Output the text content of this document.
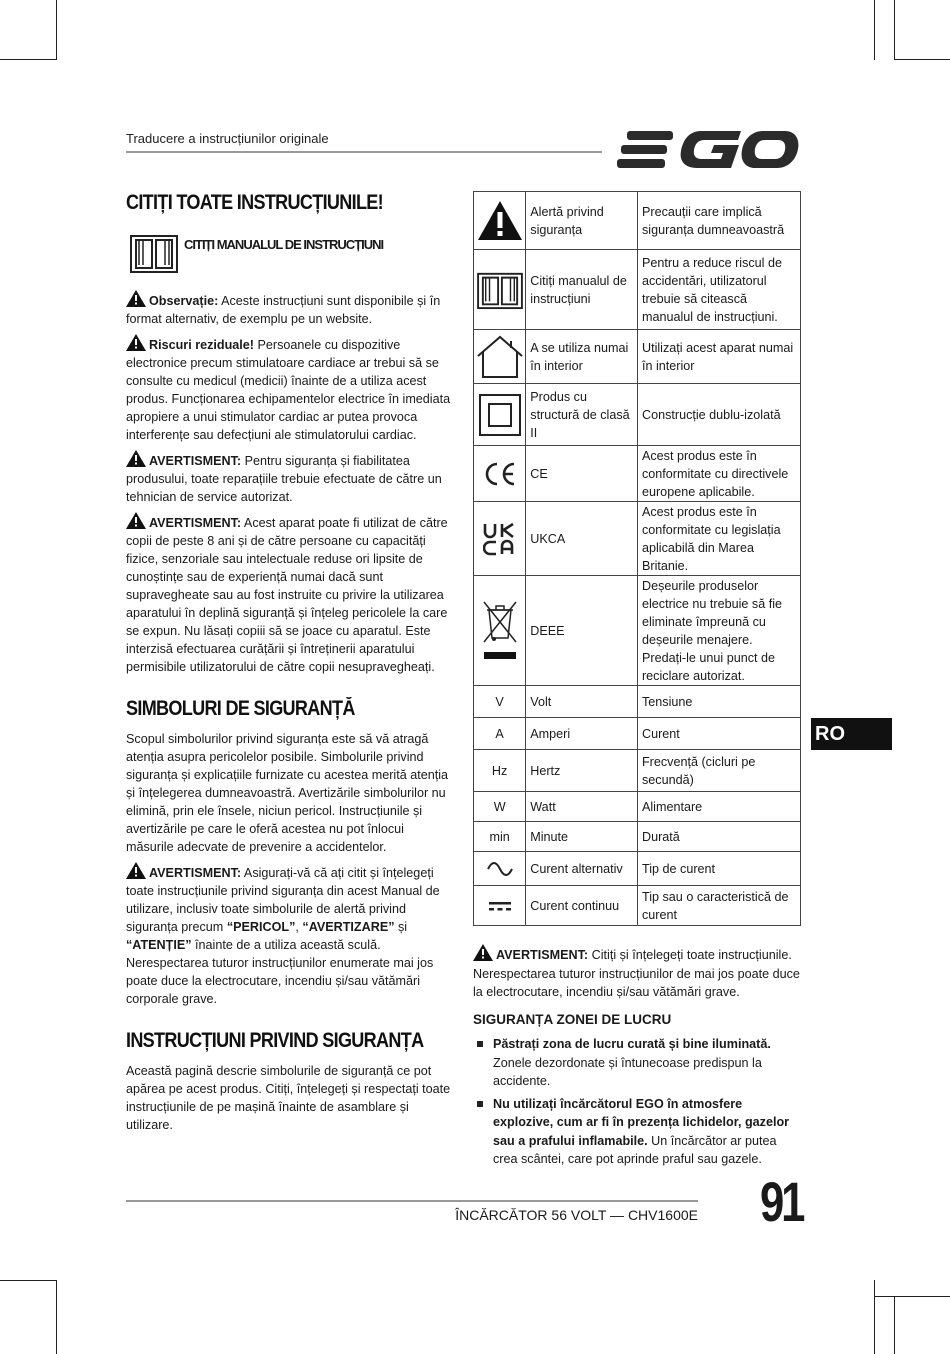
Traducere a instrucțiunilor originale
CITIȚI TOATE INSTRUCȚIUNILE!
CITIȚI MANUALUL DE INSTRUCȚIUNI

Observație: Aceste instrucțiuni sunt disponibile și în format alternativ, de exemplu pe un website.

Riscuri reziduale! Persoanele cu dispozitive electronice precum stimulatoare cardiace ar trebui să se consulte cu medicul (medicii) înainte de a utiliza acest produs. Funcționarea echipamentelor electrice în imediata apropiere a unui stimulator cardiac ar putea provoca interferențe sau defecțiuni ale stimulatorului cardiac.

AVERTISMENT: Pentru siguranța și fiabilitatea produsului, toate reparațiile trebuie efectuate de către un tehnician de service autorizat.

AVERTISMENT: Acest aparat poate fi utilizat de către copii de peste 8 ani și de către persoane cu capacități fizice, senzoriale sau intelectuale reduse ori lipsite de cunoștințe sau de experiență numai dacă sunt supravegheate sau au fost instruite cu privire la utilizarea aparatului în deplină siguranță și înțeleg pericolele la care se expun. Nu lăsați copiii să se joace cu aparatul. Este interzisă efectuarea curățării și întreținerii aparatului permisibile utilizatorului de către copii nesupravegheați.

SIMBOLURI DE SIGURANȚĂ

Scopul simbolurilor privind siguranța este să vă atragă atenția asupra pericolelor posibile. Simbolurile privind siguranța și explicațiile furnizate cu acestea merită atenția și înțelegerea dumneavoastră. Avertizările simbolurilor nu elimină, prin ele însele, niciun pericol. Instrucțiunile și avertizările pe care le oferă acestea nu pot înlocui măsurile adecvate de prevenire a accidentelor.

AVERTISMENT: Asigurați-vă că ați citit și înțelegeți toate instrucțiunile privind siguranța din acest Manual de utilizare, inclusiv toate simbolurile de alertă privind siguranța precum “PERICOL”, “AVERTIZARE” și “ATENȚIE” înainte de a utiliza această sculă. Nerespectarea tuturor instrucțiunilor enumerate mai jos poate duce la electrocutare, incendiu și/sau vătămări corporale grave.

INSTRUCȚIUNI PRIVIND SIGURANȚA

Această pagină descrie simbolurile de siguranță ce pot apărea pe acest produs. Citiți, înțelegeți și respectați toate instrucțiunile de pe mașină înainte de asamblare și utilizare.

	Alertă privind siguranța	Precauții care implică siguranța dumneavoastră

	Citiți manualul de instrucțiuni	Pentru a reduce riscul de accidentări, utilizatorul trebuie să citească manualul de instrucțiuni.

	A se utiliza numai în interior	Utilizați acest aparat numai în interior

	Produs cu structură de clasă II	Construcție dublu-izolată

	CE	Acest produs este în conformitate cu directivele europene aplicabile.

	UKCA	Acest produs este în conformitate cu legislația aplicabilă din Marea Britanie.

	DEEE	Deșeurile produselor electrice nu trebuie să fie eliminate împreună cu deșeurile menajere. Predați-le unui punct de reciclare autorizat.
V	Volt	Tensiune
A	Amperi	Curent
Hz	Hertz	Frecvență (cicluri pe secundă)
W	Watt	Alimentare
min	Minute	Durată

	Curent alternativ	Tip de curent

	Curent continuu	Tip sau o caracteristică de curent

AVERTISMENT: Citiți și înțelegeți toate instrucțiunile. Nerespectarea tuturor instrucțiunilor de mai jos poate duce la electrocutare, incendiu și/sau vătămări grave.

SIGURANȚA ZONEI DE LUCRU
Păstrați zona de lucru curată și bine iluminată. Zonele dezordonate și întunecoase predispun la accidente.
Nu utilizați încărcătorul EGO în atmosfere explozive, cum ar fi în prezența lichidelor, gazelor sau a prafului inflamabile. Un încărcător ar putea crea scântei, care pot aprinde praful sau gazele.
RO
ÎNCĂRCĂTOR 56 VOLT — CHV1600E 91
